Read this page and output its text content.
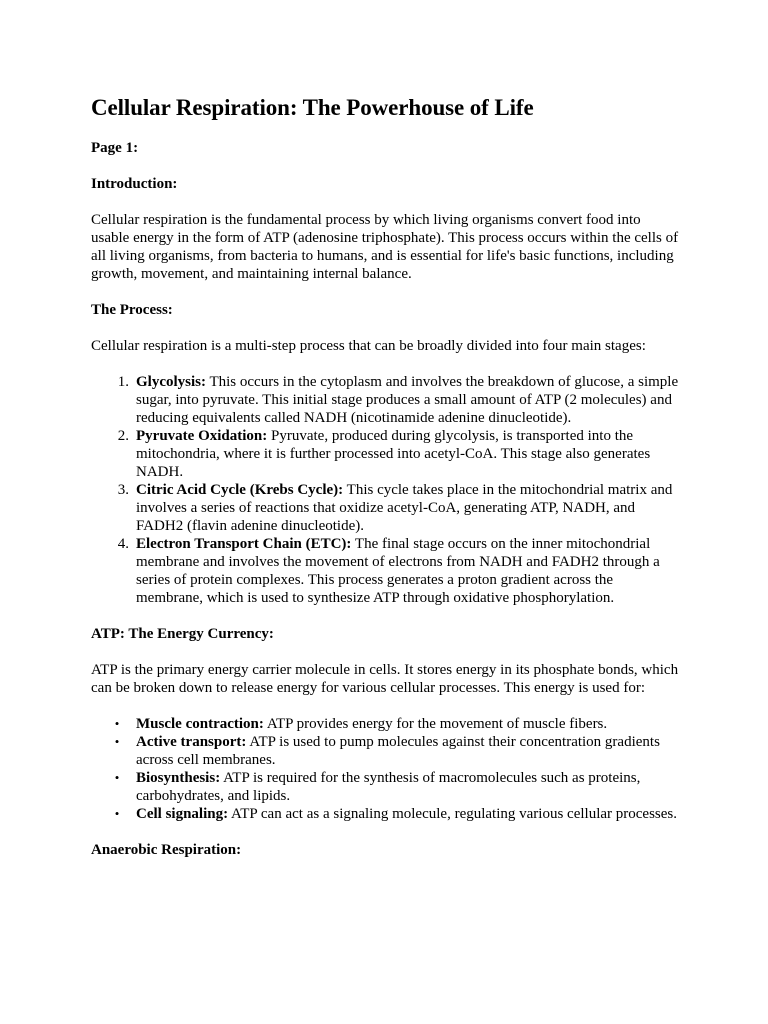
Cellular Respiration: The Powerhouse of Life
Page 1:
Introduction:

Cellular respiration is the fundamental process by which living organisms convert food into usable energy in the form of ATP (adenosine triphosphate). This process occurs within the cells of all living organisms, from bacteria to humans, and is essential for life's basic functions, including growth, movement, and maintaining internal balance.

The Process:

Cellular respiration is a multi-step process that can be broadly divided into four main stages:

1. Glycolysis: This occurs in the cytoplasm and involves the breakdown of glucose, a simple sugar, into pyruvate. This initial stage produces a small amount of ATP (2 molecules) and reducing equivalents called NADH (nicotinamide adenine dinucleotide).
2. Pyruvate Oxidation: Pyruvate, produced during glycolysis, is transported into the mitochondria, where it is further processed into acetyl-CoA. This stage also generates NADH.
3. Citric Acid Cycle (Krebs Cycle): This cycle takes place in the mitochondrial matrix and involves a series of reactions that oxidize acetyl-CoA, generating ATP, NADH, and FADH2 (flavin adenine dinucleotide).
4. Electron Transport Chain (ETC): The final stage occurs on the inner mitochondrial membrane and involves the movement of electrons from NADH and FADH2 through a series of protein complexes. This process generates a proton gradient across the membrane, which is used to synthesize ATP through oxidative phosphorylation.
ATP: The Energy Currency:

ATP is the primary energy carrier molecule in cells. It stores energy in its phosphate bonds, which can be broken down to release energy for various cellular processes. This energy is used for:

• Muscle contraction: ATP provides energy for the movement of muscle fibers.
• Active transport: ATP is used to pump molecules against their concentration gradients across cell membranes.
• Biosynthesis: ATP is required for the synthesis of macromolecules such as proteins, carbohydrates, and lipids.
• Cell signaling: ATP can act as a signaling molecule, regulating various cellular processes.
Anaerobic Respiration:
